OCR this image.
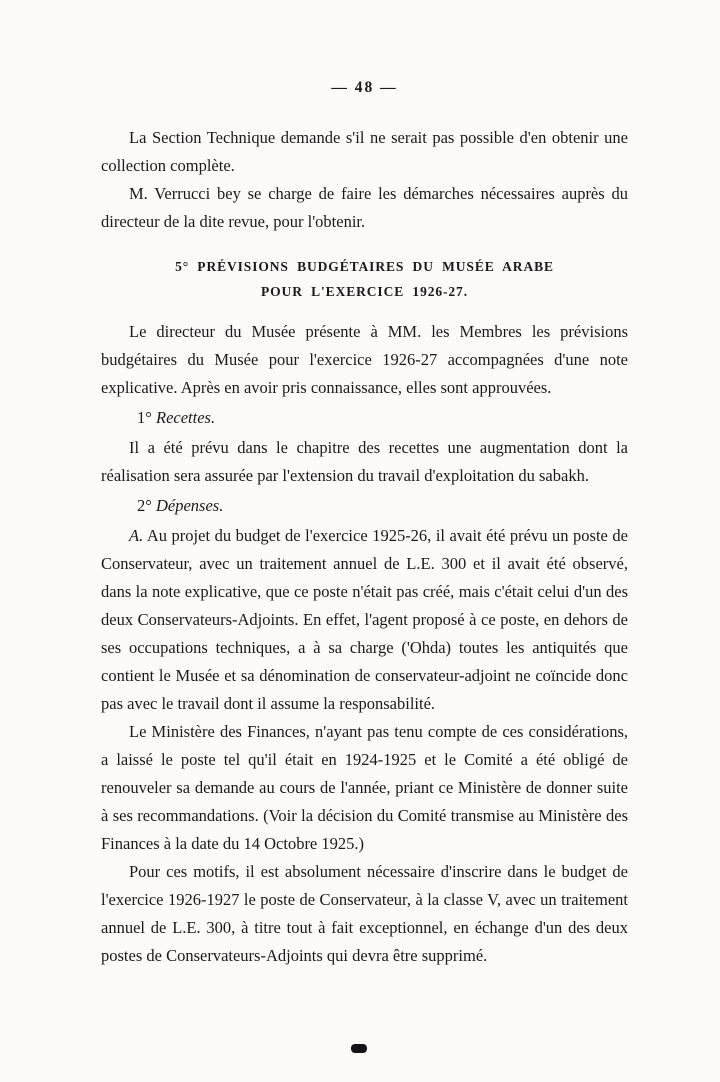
— 48 —

La Section Technique demande s'il ne serait pas possible d'en obtenir une collection complète.

M. Verrucci bey se charge de faire les démarches nécessaires auprès du directeur de la dite revue, pour l'obtenir.

5° PRÉVISIONS BUDGÉTAIRES DU MUSÉE ARABE
POUR L'EXERCICE 1926-27.

Le directeur du Musée présente à MM. les Membres les prévisions budgétaires du Musée pour l'exercice 1926-27 accompagnées d'une note explicative. Après en avoir pris connaissance, elles sont approuvées.

1° Recettes.

Il a été prévu dans le chapitre des recettes une augmentation dont la réalisation sera assurée par l'extension du travail d'exploitation du sabakh.

2° Dépenses.

A. Au projet du budget de l'exercice 1925-26, il avait été prévu un poste de Conservateur, avec un traitement annuel de L.E. 300 et il avait été observé, dans la note explicative, que ce poste n'était pas créé, mais c'était celui d'un des deux Conservateurs-Adjoints. En effet, l'agent proposé à ce poste, en dehors de ses occupations techniques, a à sa charge ('Ohda) toutes les antiquités que contient le Musée et sa dénomination de conservateur-adjoint ne coïncide donc pas avec le travail dont il assume la responsabilité.

Le Ministère des Finances, n'ayant pas tenu compte de ces considérations, a laissé le poste tel qu'il était en 1924-1925 et le Comité a été obligé de renouveler sa demande au cours de l'année, priant ce Ministère de donner suite à ses recommandations. (Voir la décision du Comité transmise au Ministère des Finances à la date du 14 Octobre 1925.)

Pour ces motifs, il est absolument nécessaire d'inscrire dans le budget de l'exercice 1926-1927 le poste de Conservateur, à la classe V, avec un traitement annuel de L.E. 300, à titre tout à fait exceptionnel, en échange d'un des deux postes de Conservateurs-Adjoints qui devra être supprimé.
